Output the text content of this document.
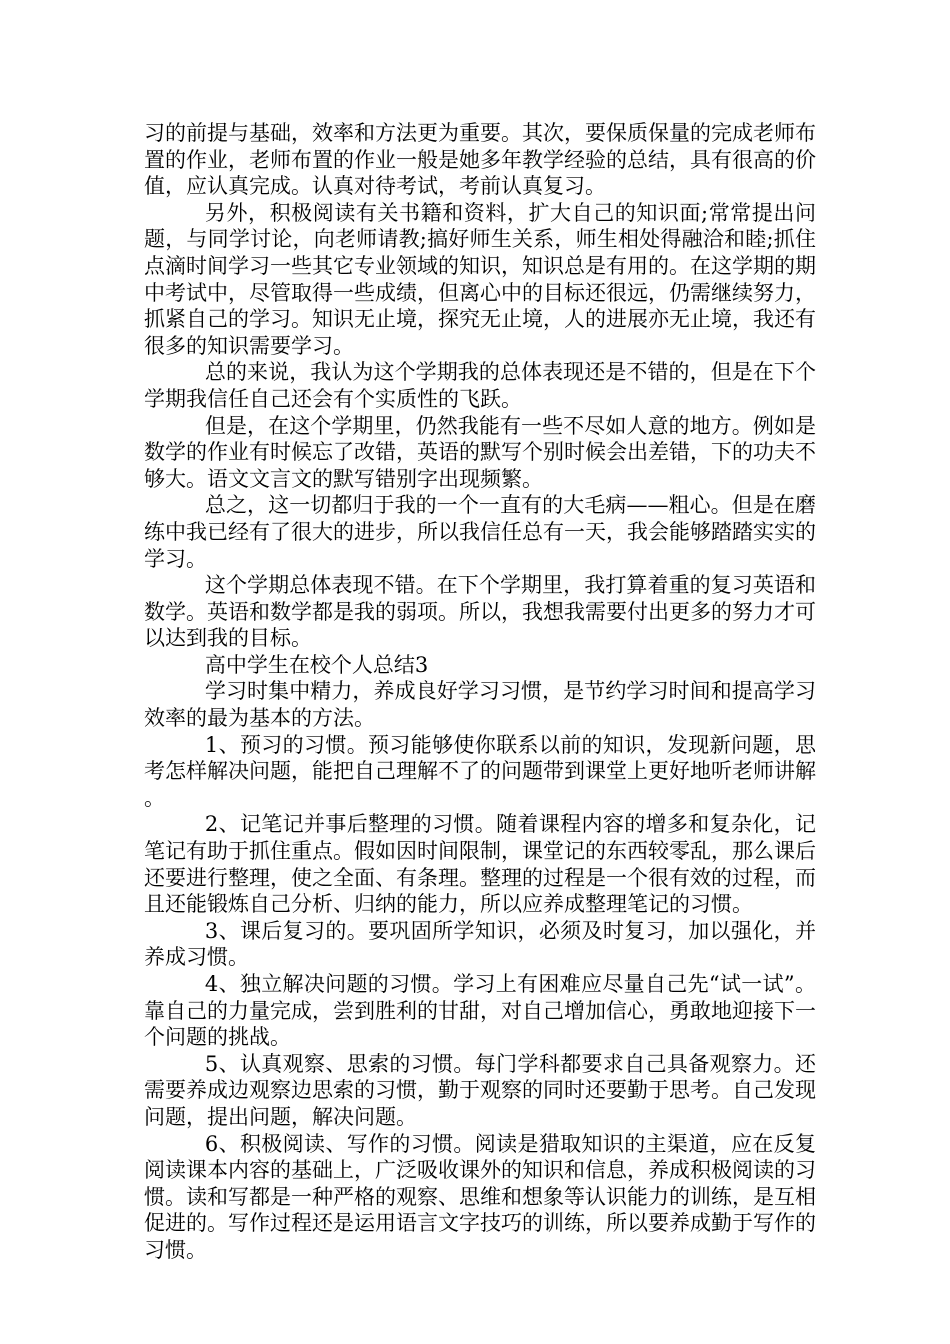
习的前提与基础，效率和方法更为重要。其次，要保质保量的完成老师布置的作业，老师布置的作业一般是她多年教学经验的总结，具有很高的价值，应认真完成。认真对待考试，考前认真复习。

另外，积极阅读有关书籍和资料，扩大自己的知识面;常常提出问题，与同学讨论，向老师请教;搞好师生关系，师生相处得融洽和睦;抓住点滴时间学习一些其它专业领域的知识，知识总是有用的。在这学期的期中考试中，尽管取得一些成绩，但离心中的目标还很远，仍需继续努力，抓紧自己的学习。知识无止境，探究无止境，人的进展亦无止境，我还有很多的知识需要学习。

总的来说，我认为这个学期我的总体表现还是不错的，但是在下个学期我信任自己还会有个实质性的飞跃。

但是，在这个学期里，仍然我能有一些不尽如人意的地方。例如是数学的作业有时候忘了改错，英语的默写个别时候会出差错，下的功夫不够大。语文文言文的默写错别字出现频繁。

总之，这一切都归于我的一个一直有的大毛病——粗心。但是在磨练中我已经有了很大的进步，所以我信任总有一天，我会能够踏踏实实的学习。

这个学期总体表现不错。在下个学期里，我打算着重的复习英语和数学。英语和数学都是我的弱项。所以，我想我需要付出更多的努力才可以达到我的目标。

高中学生在校个人总结3

学习时集中精力，养成良好学习习惯，是节约学习时间和提高学习效率的最为基本的方法。

1、预习的习惯。预习能够使你联系以前的知识，发现新问题，思考怎样解决问题，能把自己理解不了的问题带到课堂上更好地听老师讲解。

2、记笔记并事后整理的习惯。随着课程内容的增多和复杂化，记笔记有助于抓住重点。假如因时间限制，课堂记的东西较零乱，那么课后还要进行整理，使之全面、有条理。整理的过程是一个很有效的过程，而且还能锻炼自己分析、归纳的能力，所以应养成整理笔记的习惯。

3、课后复习的。要巩固所学知识，必须及时复习，加以强化，并养成习惯。

4、独立解决问题的习惯。学习上有困难应尽量自己先“试一试”。靠自己的力量完成，尝到胜利的甘甜，对自己增加信心，勇敢地迎接下一个问题的挑战。

5、认真观察、思索的习惯。每门学科都要求自己具备观察力。还需要养成边观察边思索的习惯，勤于观察的同时还要勤于思考。自己发现问题，提出问题，解决问题。

6、积极阅读、写作的习惯。阅读是猎取知识的主渠道，应在反复阅读课本内容的基础上，广泛吸收课外的知识和信息，养成积极阅读的习惯。读和写都是一种严格的观察、思维和想象等认识能力的训练，是互相促进的。写作过程还是运用语言文字技巧的训练，所以要养成勤于写作的习惯。
